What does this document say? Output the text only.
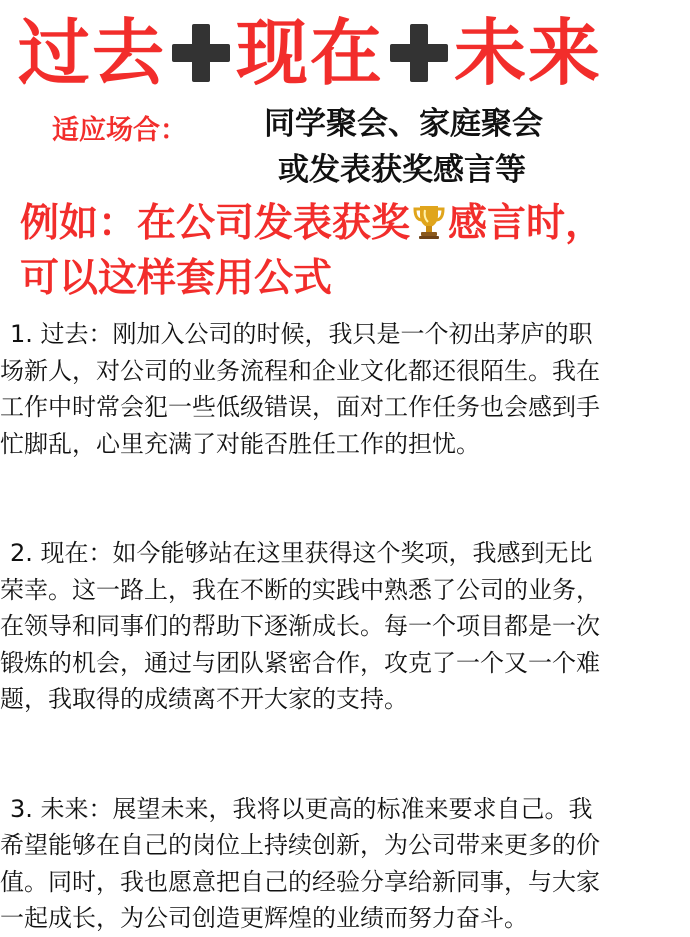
过去 现在 未来
适应场合： 同学聚会、家庭聚会
或发表获奖感言等
例如：在公司发表获奖 感言时，
可以这样套用公式
1. 过去：刚加入公司的时候，我只是一个初出茅庐的职
场新人，对公司的业务流程和企业文化都还很陌生。我在
工作中时常会犯一些低级错误，面对工作任务也会感到手
忙脚乱，心里充满了对能否胜任工作的担忧。
2. 现在：如今能够站在这里获得这个奖项，我感到无比
荣幸。这一路上，我在不断的实践中熟悉了公司的业务，
在领导和同事们的帮助下逐渐成长。每一个项目都是一次
锻炼的机会，通过与团队紧密合作，攻克了一个又一个难
题，我取得的成绩离不开大家的支持。
3. 未来：展望未来，我将以更高的标准来要求自己。我
希望能够在自己的岗位上持续创新，为公司带来更多的价
值。同时，我也愿意把自己的经验分享给新同事，与大家
一起成长，为公司创造更辉煌的业绩而努力奋斗。
